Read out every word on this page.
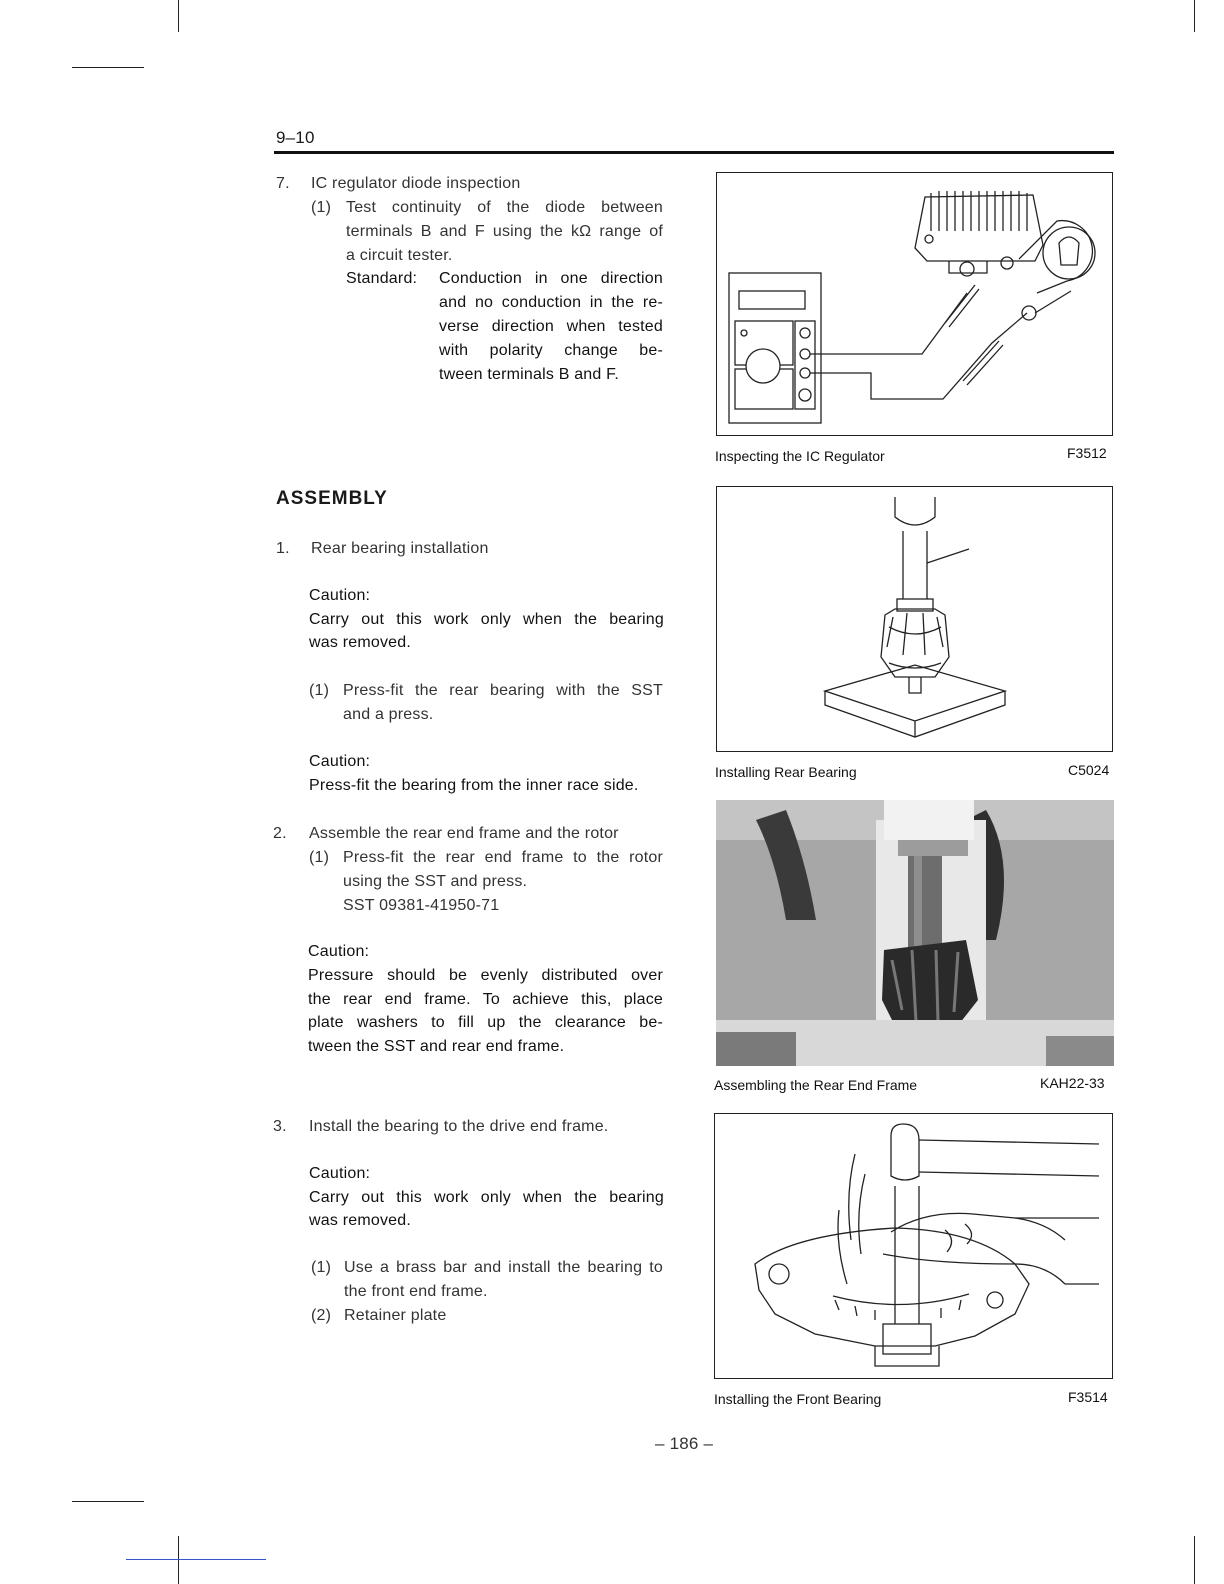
9–10
7. IC regulator diode inspection
(1) Test continuity of the diode between
terminals B and F using the kΩ range of
a circuit tester.
Standard: Conduction in one direction
and no conduction in the re-
verse direction when tested
with polarity change be-
tween terminals B and F.
ASSEMBLY
1. Rear bearing installation
Caution:
Carry out this work only when the bearing
was removed.
(1) Press-fit the rear bearing with the SST
and a press.
Caution:
Press-fit the bearing from the inner race side.
2. Assemble the rear end frame and the rotor
(1) Press-fit the rear end frame to the rotor
using the SST and press.
SST 09381-41950-71
Caution:
Pressure should be evenly distributed over
the rear end frame. To achieve this, place
plate washers to fill up the clearance be-
tween the SST and rear end frame.
3. Install the bearing to the drive end frame.
Caution:
Carry out this work only when the bearing
was removed.
(1) Use a brass bar and install the bearing to
the front end frame.
(2) Retainer plate
Inspecting the IC Regulator	F3512
Installing Rear Bearing	C5024
Assembling the Rear End Frame	KAH22-33
Installing the Front Bearing	F3514
– 186 –
